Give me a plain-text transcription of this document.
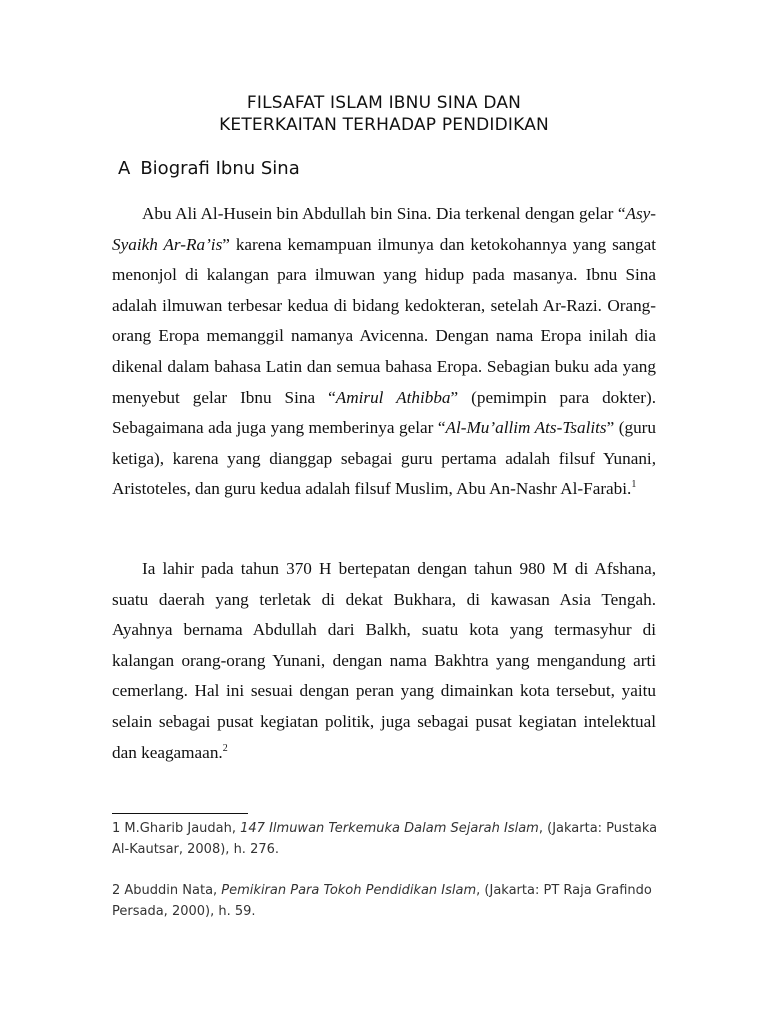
FILSAFAT ISLAM IBNU SINA DAN
KETERKAITAN TERHADAP PENDIDIKAN
A Biografi Ibnu Sina

Abu Ali Al-Husein bin Abdullah bin Sina. Dia terkenal dengan gelar “Asy-Syaikh Ar-Ra’is” karena kemampuan ilmunya dan ketokohannya yang sangat menonjol di kalangan para ilmuwan yang hidup pada masanya. Ibnu Sina adalah ilmuwan terbesar kedua di bidang kedokteran, setelah Ar-Razi. Orang-orang Eropa memanggil namanya Avicenna. Dengan nama Eropa inilah dia dikenal dalam bahasa Latin dan semua bahasa Eropa. Sebagian buku ada yang menyebut gelar Ibnu Sina “Amirul Athibba” (pemimpin para dokter). Sebagaimana ada juga yang memberinya gelar “Al-Mu’allim Ats-Tsalits” (guru ketiga), karena yang dianggap sebagai guru pertama adalah filsuf Yunani, Aristoteles, dan guru kedua adalah filsuf Muslim, Abu An-Nashr Al-Farabi.$^1$

Ia lahir pada tahun 370 H bertepatan dengan tahun 980 M di Afshana, suatu daerah yang terletak di dekat Bukhara, di kawasan Asia Tengah. Ayahnya bernama Abdullah dari Balkh, suatu kota yang termasyhur di kalangan orang-orang Yunani, dengan nama Bakhtra yang mengandung arti cemerlang. Hal ini sesuai dengan peran yang dimainkan kota tersebut, yaitu selain sebagai pusat kegiatan politik, juga sebagai pusat kegiatan intelektual dan keagamaan.$^2$

1 M.Gharib Jaudah, 147 Ilmuwan Terkemuka Dalam Sejarah Islam, (Jakarta: Pustaka Al-Kautsar, 2008), h. 276.

2 Abuddin Nata, Pemikiran Para Tokoh Pendidikan Islam, (Jakarta: PT Raja Grafindo Persada, 2000), h. 59.
